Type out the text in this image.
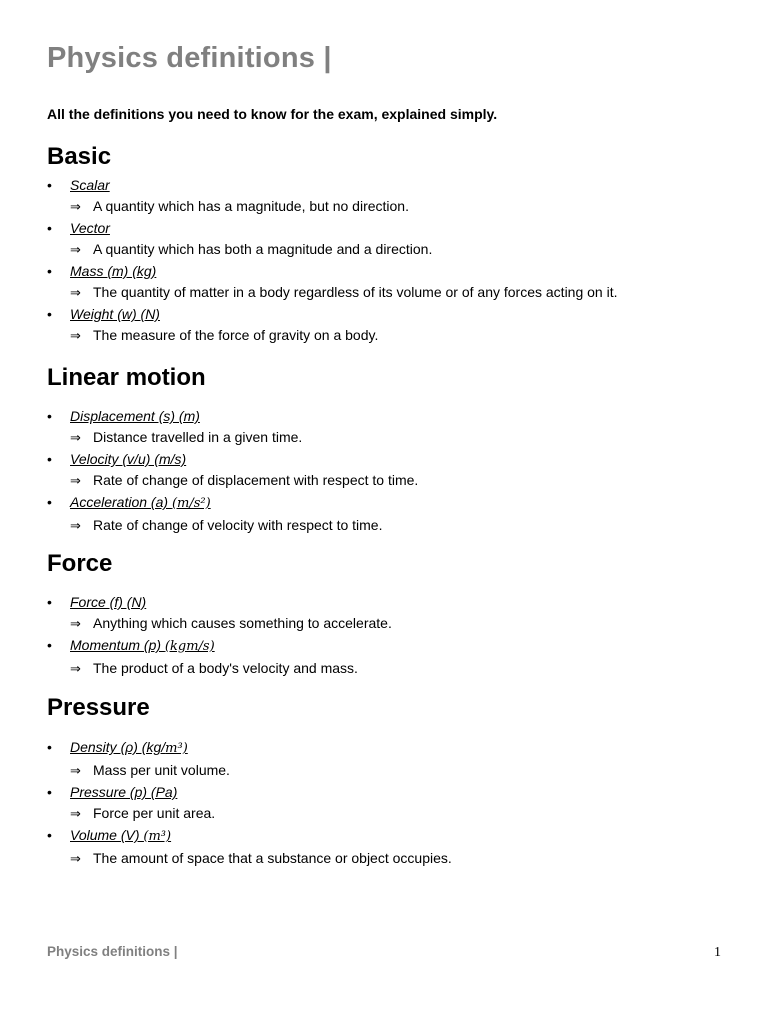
Physics definitions |

All the definitions you need to know for the exam, explained simply.

Basic
•	Scalar
⇒ A quantity which has a magnitude, but no direction.
•	Vector
⇒ A quantity which has both a magnitude and a direction.
•	Mass (m) (kg)
⇒ The quantity of matter in a body regardless of its volume or of any forces acting on it.
•	Weight (w) (N)
⇒ The measure of the force of gravity on a body.
Linear motion
•	Displacement (s) (m)
⇒ Distance travelled in a given time.
•	Velocity (v/u) (m/s)
⇒ Rate of change of displacement with respect to time.
•	Acceleration (a) (m/s²)
⇒ Rate of change of velocity with respect to time.
Force
•	Force (f) (N)
⇒ Anything which causes something to accelerate.
•	Momentum (p) (kgm/s)
⇒ The product of a body's velocity and mass.
Pressure
•	Density (ρ) (kg/m³)
⇒ Mass per unit volume.
•	Pressure (p) (Pa)
⇒ Force per unit area.
•	Volume (V) (m³)
⇒ The amount of space that a substance or object occupies.
Physics definitions |	1
